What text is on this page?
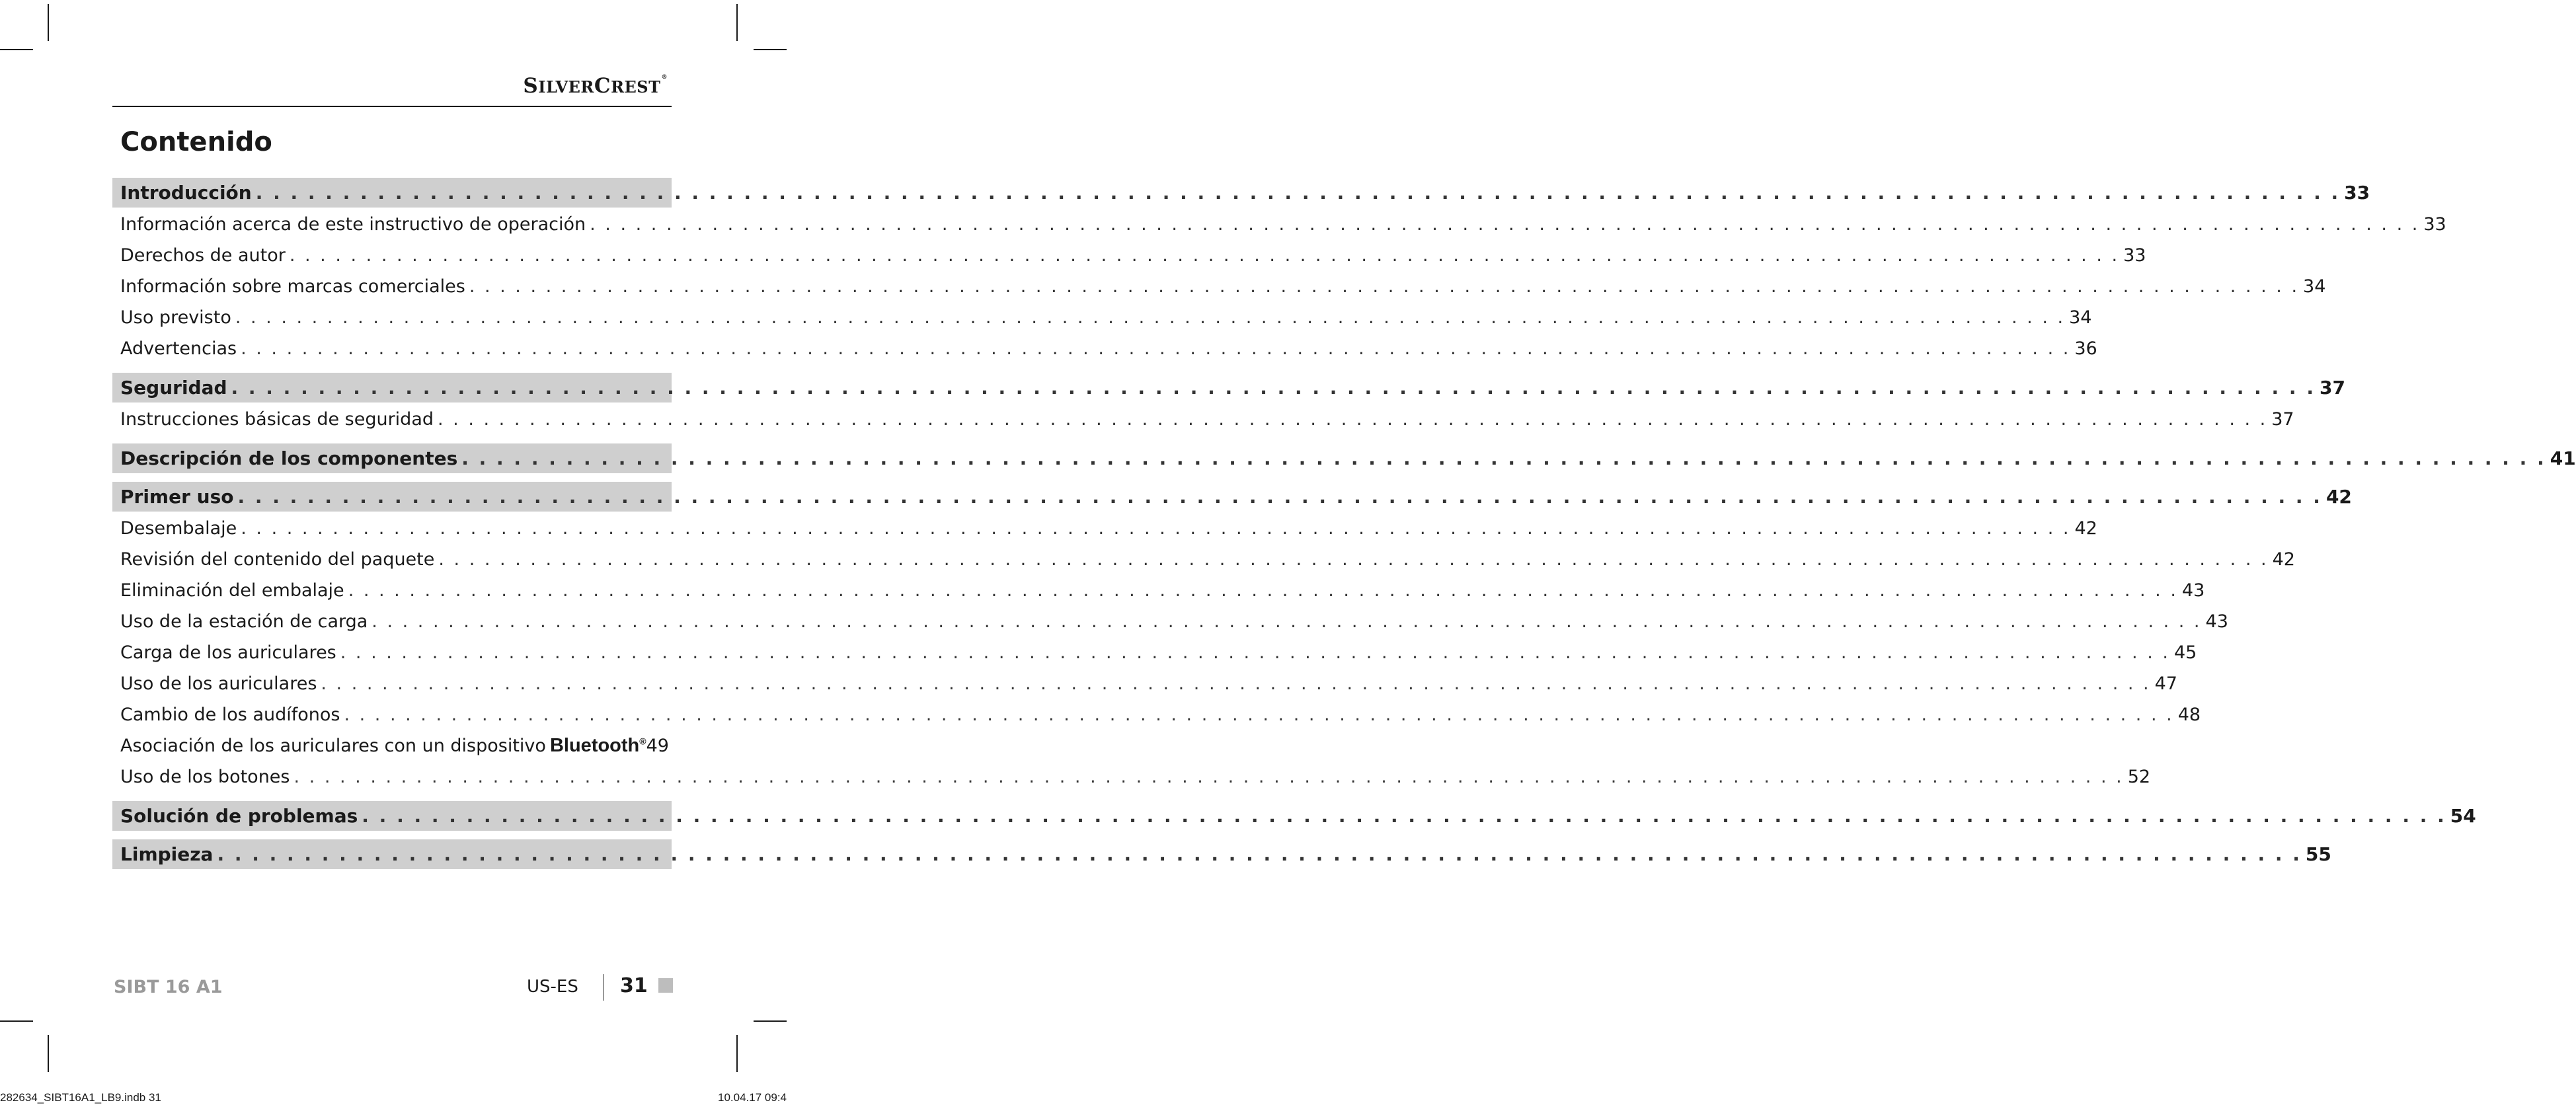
SILVERCREST®
Contenido
Introducción . . . . . . . . . . . . . . . . . . . . . . . . . . . . . . . . . . . . . . . . . . . . . . . . . . . . . . . . . . . . . . . . . . . . . . . . . . . . . . . . . . . . . . . . . . . . . . . . . . . . . . . . . . . . . . . . . . . . . . . . 33
Información acerca de este instructivo de operación . . . . . . . . . . . . . . . . . . . . . . . . . . . . . . . . . . . . . . . . . . . . . . . . . . . . . . . . . . . . . . . . . . . . . . . . . . . . . . . . . . . . . . . . . . . . . . . . . . . . . . . . . . . . . . . . . . . . . . . . 33
Derechos de autor . . . . . . . . . . . . . . . . . . . . . . . . . . . . . . . . . . . . . . . . . . . . . . . . . . . . . . . . . . . . . . . . . . . . . . . . . . . . . . . . . . . . . . . . . . . . . . . . . . . . . . . . . . . . . . . . . . . . . . . . 33
Información sobre marcas comerciales . . . . . . . . . . . . . . . . . . . . . . . . . . . . . . . . . . . . . . . . . . . . . . . . . . . . . . . . . . . . . . . . . . . . . . . . . . . . . . . . . . . . . . . . . . . . . . . . . . . . . . . . . . . . . . . . . . . . . . . . 34
Uso previsto . . . . . . . . . . . . . . . . . . . . . . . . . . . . . . . . . . . . . . . . . . . . . . . . . . . . . . . . . . . . . . . . . . . . . . . . . . . . . . . . . . . . . . . . . . . . . . . . . . . . . . . . . . . . . . . . . . . . . . . . 34
Advertencias . . . . . . . . . . . . . . . . . . . . . . . . . . . . . . . . . . . . . . . . . . . . . . . . . . . . . . . . . . . . . . . . . . . . . . . . . . . . . . . . . . . . . . . . . . . . . . . . . . . . . . . . . . . . . . . . . . . . . . . . 36
Seguridad . . . . . . . . . . . . . . . . . . . . . . . . . . . . . . . . . . . . . . . . . . . . . . . . . . . . . . . . . . . . . . . . . . . . . . . . . . . . . . . . . . . . . . . . . . . . . . . . . . . . . . . . . . . . . . . . . . . . . . . . 37
Instrucciones básicas de seguridad . . . . . . . . . . . . . . . . . . . . . . . . . . . . . . . . . . . . . . . . . . . . . . . . . . . . . . . . . . . . . . . . . . . . . . . . . . . . . . . . . . . . . . . . . . . . . . . . . . . . . . . . . . . . . . . . . . . . . . . . 37
Descripción de los componentes . . . . . . . . . . . . . . . . . . . . . . . . . . . . . . . . . . . . . . . . . . . . . . . . . . . . . . . . . . . . . . . . . . . . . . . . . . . . . . . . . . . . . . . . . . . . . . . . . . . . . . . . . . . . . . . . . . . . . . . . 41
Primer uso . . . . . . . . . . . . . . . . . . . . . . . . . . . . . . . . . . . . . . . . . . . . . . . . . . . . . . . . . . . . . . . . . . . . . . . . . . . . . . . . . . . . . . . . . . . . . . . . . . . . . . . . . . . . . . . . . . . . . . . . 42
Desembalaje . . . . . . . . . . . . . . . . . . . . . . . . . . . . . . . . . . . . . . . . . . . . . . . . . . . . . . . . . . . . . . . . . . . . . . . . . . . . . . . . . . . . . . . . . . . . . . . . . . . . . . . . . . . . . . . . . . . . . . . . 42
Revisión del contenido del paquete . . . . . . . . . . . . . . . . . . . . . . . . . . . . . . . . . . . . . . . . . . . . . . . . . . . . . . . . . . . . . . . . . . . . . . . . . . . . . . . . . . . . . . . . . . . . . . . . . . . . . . . . . . . . . . . . . . . . . . . . 42
Eliminación del embalaje . . . . . . . . . . . . . . . . . . . . . . . . . . . . . . . . . . . . . . . . . . . . . . . . . . . . . . . . . . . . . . . . . . . . . . . . . . . . . . . . . . . . . . . . . . . . . . . . . . . . . . . . . . . . . . . . . . . . . . . . 43
Uso de la estación de carga . . . . . . . . . . . . . . . . . . . . . . . . . . . . . . . . . . . . . . . . . . . . . . . . . . . . . . . . . . . . . . . . . . . . . . . . . . . . . . . . . . . . . . . . . . . . . . . . . . . . . . . . . . . . . . . . . . . . . . . . 43
Carga de los auriculares . . . . . . . . . . . . . . . . . . . . . . . . . . . . . . . . . . . . . . . . . . . . . . . . . . . . . . . . . . . . . . . . . . . . . . . . . . . . . . . . . . . . . . . . . . . . . . . . . . . . . . . . . . . . . . . . . . . . . . . . 45
Uso de los auriculares . . . . . . . . . . . . . . . . . . . . . . . . . . . . . . . . . . . . . . . . . . . . . . . . . . . . . . . . . . . . . . . . . . . . . . . . . . . . . . . . . . . . . . . . . . . . . . . . . . . . . . . . . . . . . . . . . . . . . . . . 47
Cambio de los audífonos . . . . . . . . . . . . . . . . . . . . . . . . . . . . . . . . . . . . . . . . . . . . . . . . . . . . . . . . . . . . . . . . . . . . . . . . . . . . . . . . . . . . . . . . . . . . . . . . . . . . . . . . . . . . . . . . . . . . . . . . 48
Asociación de los auriculares con un dispositivo Bluetooth® 49
Uso de los botones . . . . . . . . . . . . . . . . . . . . . . . . . . . . . . . . . . . . . . . . . . . . . . . . . . . . . . . . . . . . . . . . . . . . . . . . . . . . . . . . . . . . . . . . . . . . . . . . . . . . . . . . . . . . . . . . . . . . . . . . 52
Solución de problemas . . . . . . . . . . . . . . . . . . . . . . . . . . . . . . . . . . . . . . . . . . . . . . . . . . . . . . . . . . . . . . . . . . . . . . . . . . . . . . . . . . . . . . . . . . . . . . . . . . . . . . . . . . . . . . . . . . . . . . . . 54
Limpieza . . . . . . . . . . . . . . . . . . . . . . . . . . . . . . . . . . . . . . . . . . . . . . . . . . . . . . . . . . . . . . . . . . . . . . . . . . . . . . . . . . . . . . . . . . . . . . . . . . . . . . . . . . . . . . . . . . . . . . . . 55
SIBT 16 A1	US-ES 31
282634_SIBT16A1_LB9.indb 31	10.04.17 09:4
